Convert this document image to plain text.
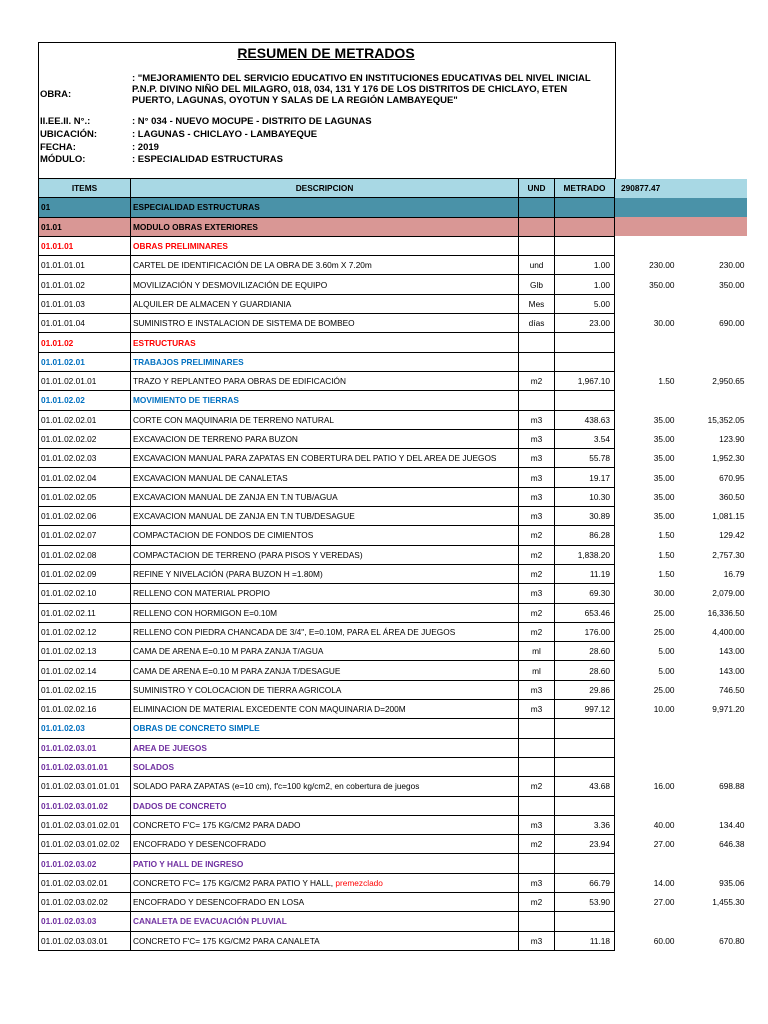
RESUMEN DE METRADOS
OBRA:
: "MEJORAMIENTO DEL SERVICIO EDUCATIVO EN INSTITUCIONES EDUCATIVAS DEL NIVEL INICIAL P.N.P. DIVINO NIÑO DEL MILAGRO, 018, 034, 131 Y 176 DE LOS DISTRITOS DE CHICLAYO, ETEN PUERTO, LAGUNAS, OYOTUN Y SALAS DE LA REGIÓN LAMBAYEQUE"
II.EE.II. N°.:	: N° 034 - NUEVO MOCUPE - DISTRITO DE LAGUNAS
UBICACIÓN:	: LAGUNAS - CHICLAYO - LAMBAYEQUE
FECHA:	: 2019
MÓDULO:	: ESPECIALIDAD ESTRUCTURAS
ITEMS	DESCRIPCION	UND	METRADO	290877.47	
01	ESPECIALIDAD ESTRUCTURAS				
01.01	MODULO OBRAS EXTERIORES				
01.01.01	OBRAS PRELIMINARES				
01.01.01.01	CARTEL DE IDENTIFICACIÓN DE LA OBRA DE 3.60m X 7.20m	und	1.00	230.00	230.00
01.01.01.02	MOVILIZACIÓN Y DESMOVILIZACIÓN DE EQUIPO	Glb	1.00	350.00	350.00
01.01.01.03	ALQUILER DE ALMACEN Y GUARDIANIA	Mes	5.00		
01.01.01.04	SUMINISTRO E INSTALACION DE SISTEMA DE BOMBEO	días	23.00	30.00	690.00
01.01.02	ESTRUCTURAS				
01.01.02.01	TRABAJOS PRELIMINARES				
01.01.02.01.01	TRAZO Y REPLANTEO PARA OBRAS DE EDIFICACIÓN	m2	1,967.10	1.50	2,950.65
01.01.02.02	MOVIMIENTO DE TIERRAS				
01.01.02.02.01	CORTE CON MAQUINARIA DE TERRENO NATURAL	m3	438.63	35.00	15,352.05
01.01.02.02.02	EXCAVACION DE TERRENO PARA BUZON	m3	3.54	35.00	123.90
01.01.02.02.03	EXCAVACION MANUAL PARA ZAPATAS EN COBERTURA DEL PATIO Y DEL AREA DE JUEGOS	m3	55.78	35.00	1,952.30
01.01.02.02.04	EXCAVACION MANUAL DE CANALETAS	m3	19.17	35.00	670.95
01.01.02.02.05	EXCAVACION MANUAL DE ZANJA EN T.N TUB/AGUA	m3	10.30	35.00	360.50
01.01.02.02.06	EXCAVACION MANUAL DE ZANJA EN T.N TUB/DESAGUE	m3	30.89	35.00	1,081.15
01.01.02.02.07	COMPACTACION DE FONDOS DE CIMIENTOS	m2	86.28	1.50	129.42
01.01.02.02.08	COMPACTACION DE TERRENO (PARA PISOS Y VEREDAS)	m2	1,838.20	1.50	2,757.30
01.01.02.02.09	REFINE Y NIVELACIÓN (PARA BUZON H =1.80M)	m2	11.19	1.50	16.79
01.01.02.02.10	RELLENO CON MATERIAL PROPIO	m3	69.30	30.00	2,079.00
01.01.02.02.11	RELLENO CON HORMIGON E=0.10M	m2	653.46	25.00	16,336.50
01.01.02.02.12	RELLENO CON PIEDRA CHANCADA DE 3/4", E=0.10M, PARA EL ÁREA DE JUEGOS	m2	176.00	25.00	4,400.00
01.01.02.02.13	CAMA DE ARENA E=0.10 M PARA ZANJA T/AGUA	ml	28.60	5.00	143.00
01.01.02.02.14	CAMA DE ARENA E=0.10 M PARA ZANJA T/DESAGUE	ml	28.60	5.00	143.00
01.01.02.02.15	SUMINISTRO Y COLOCACION DE TIERRA AGRICOLA	m3	29.86	25.00	746.50
01.01.02.02.16	ELIMINACION DE MATERIAL EXCEDENTE CON MAQUINARIA D=200M	m3	997.12	10.00	9,971.20
01.01.02.03	OBRAS DE CONCRETO SIMPLE				
01.01.02.03.01	AREA DE JUEGOS				
01.01.02.03.01.01	SOLADOS				
01.01.02.03.01.01.01	SOLADO PARA ZAPATAS (e=10 cm), f'c=100 kg/cm2, en cobertura de juegos	m2	43.68	16.00	698.88
01.01.02.03.01.02	DADOS DE CONCRETO				
01.01.02.03.01.02.01	CONCRETO F'C= 175 KG/CM2 PARA DADO	m3	3.36	40.00	134.40
01.01.02.03.01.02.02	ENCOFRADO Y DESENCOFRADO	m2	23.94	27.00	646.38
01.01.02.03.02	PATIO Y HALL DE INGRESO				
01.01.02.03.02.01	CONCRETO F'C= 175 KG/CM2 PARA PATIO Y HALL, premezclado	m3	66.79	14.00	935.06
01.01.02.03.02.02	ENCOFRADO Y DESENCOFRADO EN LOSA	m2	53.90	27.00	1,455.30
01.01.02.03.03	CANALETA DE EVACUACIÓN PLUVIAL				
01.01.02.03.03.01	CONCRETO F'C= 175 KG/CM2 PARA CANALETA	m3	11.18	60.00	670.80
